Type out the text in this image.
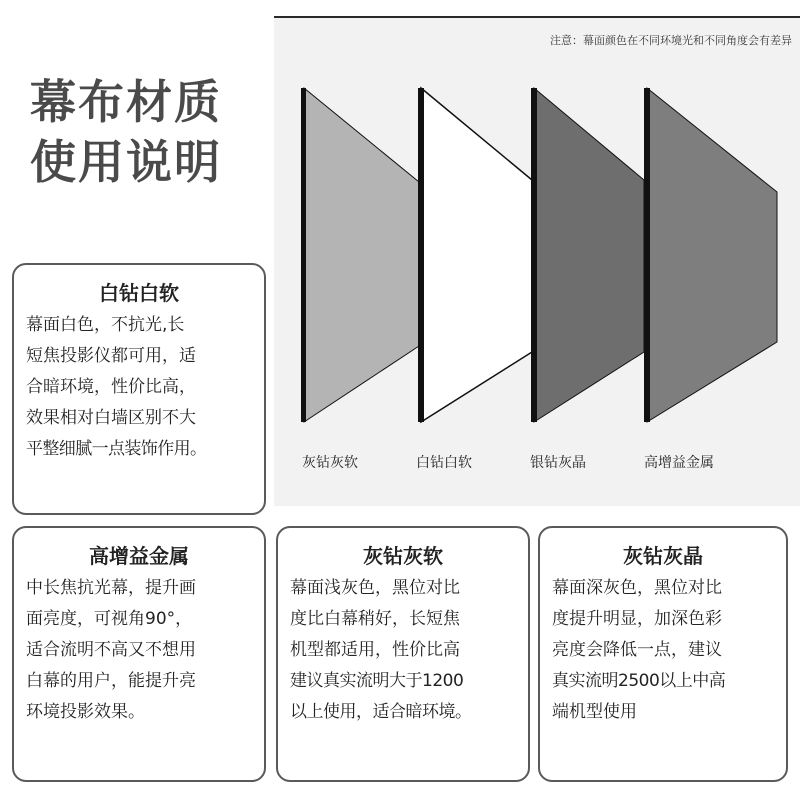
幕布材质
使用说明
注意：幕面颜色在不同环境光和不同角度会有差异
灰钻灰软	白钻白软	银钻灰晶	高增益金属
白钻白软
幕面白色，不抗光,长
短焦投影仪都可用，适
合暗环境，性价比高，
效果相对白墙区别不大
平整细腻一点装饰作用。
高增益金属
中长焦抗光幕，提升画
面亮度，可视角90°，
适合流明不高又不想用
白幕的用户，能提升亮
环境投影效果。
灰钻灰软
幕面浅灰色，黑位对比
度比白幕稍好，长短焦
机型都适用，性价比高
建议真实流明大于1200
以上使用，适合暗环境。
灰钻灰晶
幕面深灰色，黑位对比
度提升明显，加深色彩
亮度会降低一点，建议
真实流明2500以上中高
端机型使用
